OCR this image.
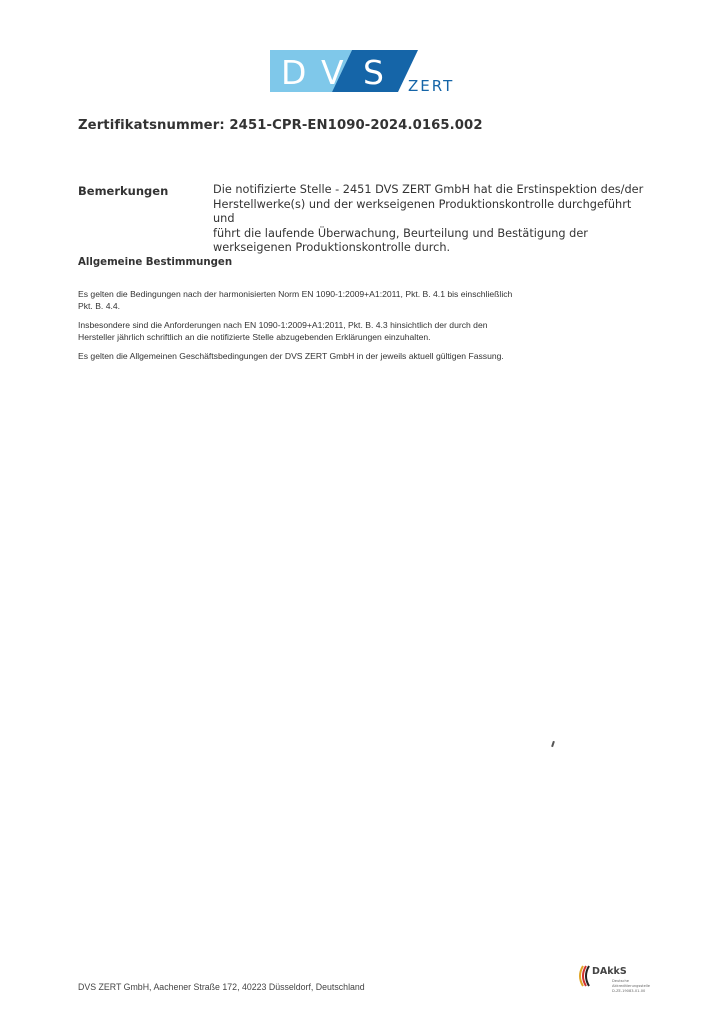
D V S ZERT
Zertifikatsnummer: 2451-CPR-EN1090-2024.0165.002
Bemerkungen	Die notifizierte Stelle - 2451 DVS ZERT GmbH hat die Erstinspektion des/der
Herstellwerke(s) und der werkseigenen Produktionskontrolle durchgeführt und
führt die laufende Überwachung, Beurteilung und Bestätigung der
werkseigenen Produktionskontrolle durch.
Allgemeine Bestimmungen
Es gelten die Bedingungen nach der harmonisierten Norm EN 1090-1:2009+A1:2011, Pkt. B. 4.1 bis einschließlich
Pkt. B. 4.4.
Insbesondere sind die Anforderungen nach EN 1090-1:2009+A1:2011, Pkt. B. 4.3 hinsichtlich der durch den
Hersteller jährlich schriftlich an die notifizierte Stelle abzugebenden Erklärungen einzuhalten.
Es gelten die Allgemeinen Geschäftsbedingungen der DVS ZERT GmbH in der jeweils aktuell gültigen Fassung.
DVS ZERT GmbH, Aachener Straße 172, 40223 Düsseldorf, Deutschland
DAkkS
Deutsche
Akkreditierungsstelle
D-ZE-19083-01-00
